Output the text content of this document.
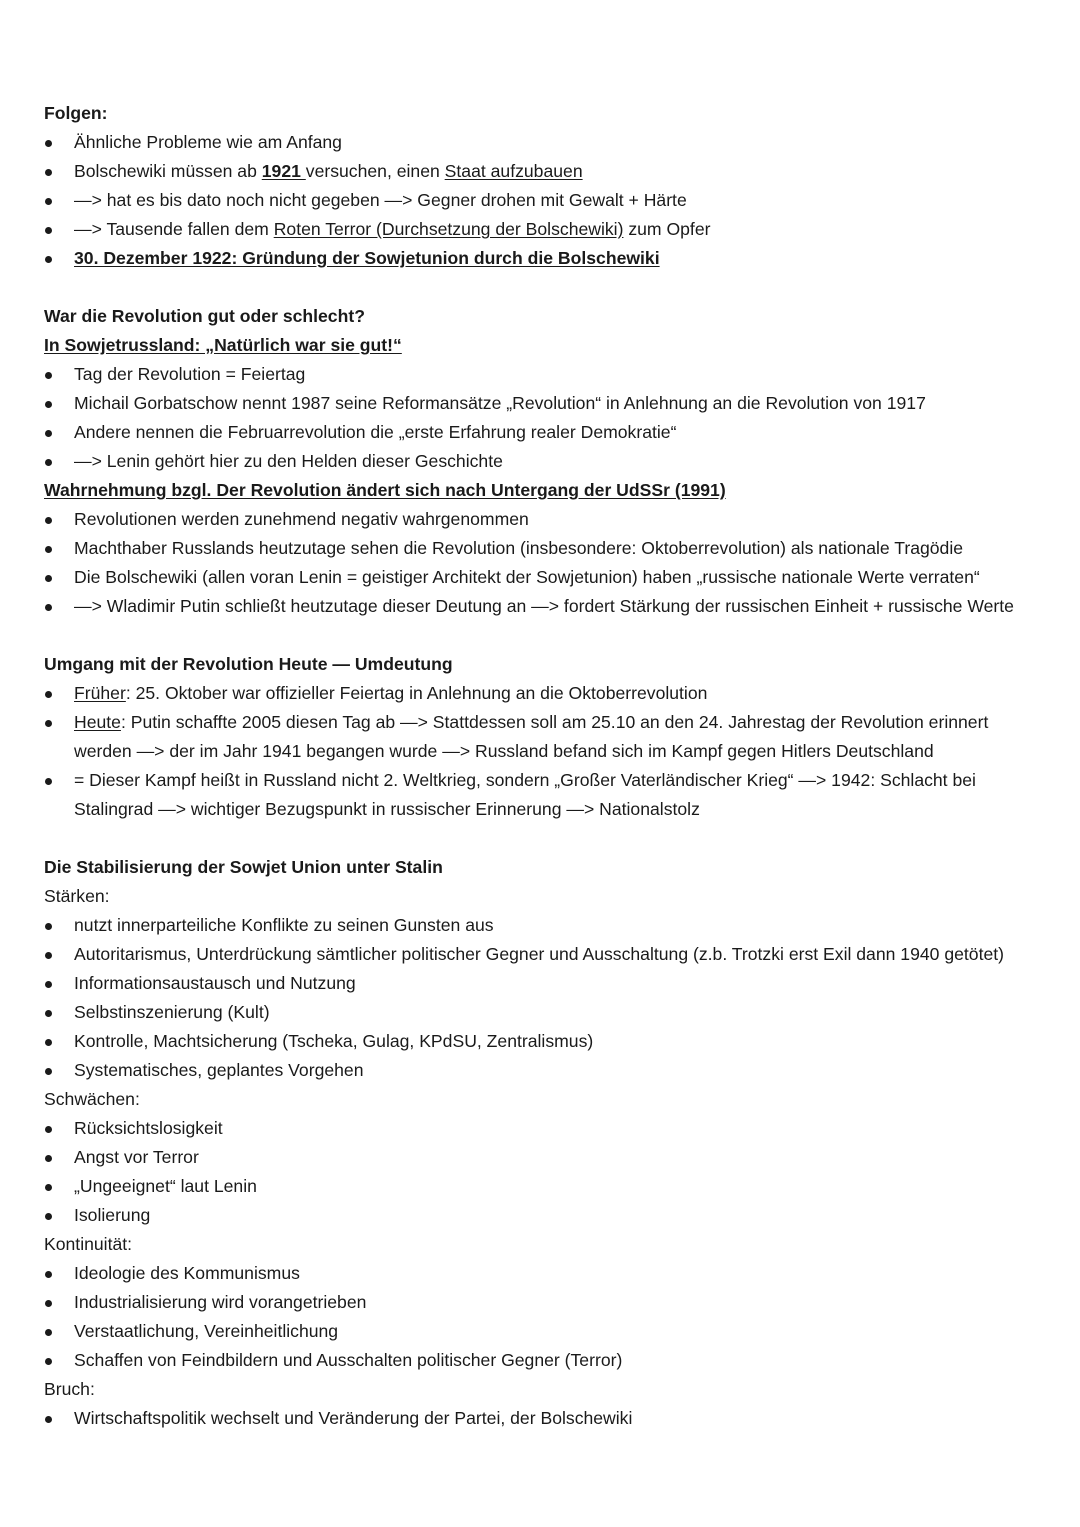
Folgen:
Ähnliche Probleme wie am Anfang
Bolschewiki müssen ab 1921 versuchen, einen Staat aufzubauen
—> hat es bis dato noch nicht gegeben —> Gegner drohen mit Gewalt + Härte
—> Tausende fallen dem Roten Terror (Durchsetzung der Bolschewiki) zum Opfer
30. Dezember 1922: Gründung der Sowjetunion durch die Bolschewiki
War die Revolution gut oder schlecht?
In Sowjetrussland: „Natürlich war sie gut!“
Tag der Revolution = Feiertag
Michail Gorbatschow nennt 1987 seine Reformansätze „Revolution“ in Anlehnung an die Revolution von 1917
Andere nennen die Februarrevolution die „erste Erfahrung realer Demokratie“
—> Lenin gehört hier zu den Helden dieser Geschichte
Wahrnehmung bzgl. Der Revolution ändert sich nach Untergang der UdSSr (1991)
Revolutionen werden zunehmend negativ wahrgenommen
Machthaber Russlands heutzutage sehen die Revolution (insbesondere: Oktoberrevolution) als nationale Tragödie
Die Bolschewiki (allen voran Lenin = geistiger Architekt der Sowjetunion) haben „russische nationale Werte verraten“
—> Wladimir Putin schließt heutzutage dieser Deutung an —> fordert Stärkung der russischen Einheit + russische Werte
Umgang mit der Revolution Heute — Umdeutung
Früher: 25. Oktober war offizieller Feiertag in Anlehnung an die Oktoberrevolution
Heute: Putin schaffte 2005 diesen Tag ab —> Stattdessen soll am 25.10 an den 24. Jahrestag der Revolution erinnert
werden —> der im Jahr 1941 begangen wurde —> Russland befand sich im Kampf gegen Hitlers Deutschland
= Dieser Kampf heißt in Russland nicht 2. Weltkrieg, sondern „Großer Vaterländischer Krieg“ —> 1942: Schlacht bei
Stalingrad —> wichtiger Bezugspunkt in russischer Erinnerung —> Nationalstolz
Die Stabilisierung der Sowjet Union unter Stalin
Stärken:
nutzt innerparteiliche Konflikte zu seinen Gunsten aus
Autoritarismus, Unterdrückung sämtlicher politischer Gegner und Ausschaltung (z.b. Trotzki erst Exil dann 1940 getötet)
Informationsaustausch und Nutzung
Selbstinszenierung (Kult)
Kontrolle, Machtsicherung (Tscheka, Gulag, KPdSU, Zentralismus)
Systematisches, geplantes Vorgehen
Schwächen:
Rücksichtslosigkeit
Angst vor Terror
„Ungeeignet“ laut Lenin
Isolierung
Kontinuität:
Ideologie des Kommunismus
Industrialisierung wird vorangetrieben
Verstaatlichung, Vereinheitlichung
Schaffen von Feindbildern und Ausschalten politischer Gegner (Terror)
Bruch:
Wirtschaftspolitik wechselt und Veränderung der Partei, der Bolschewiki
